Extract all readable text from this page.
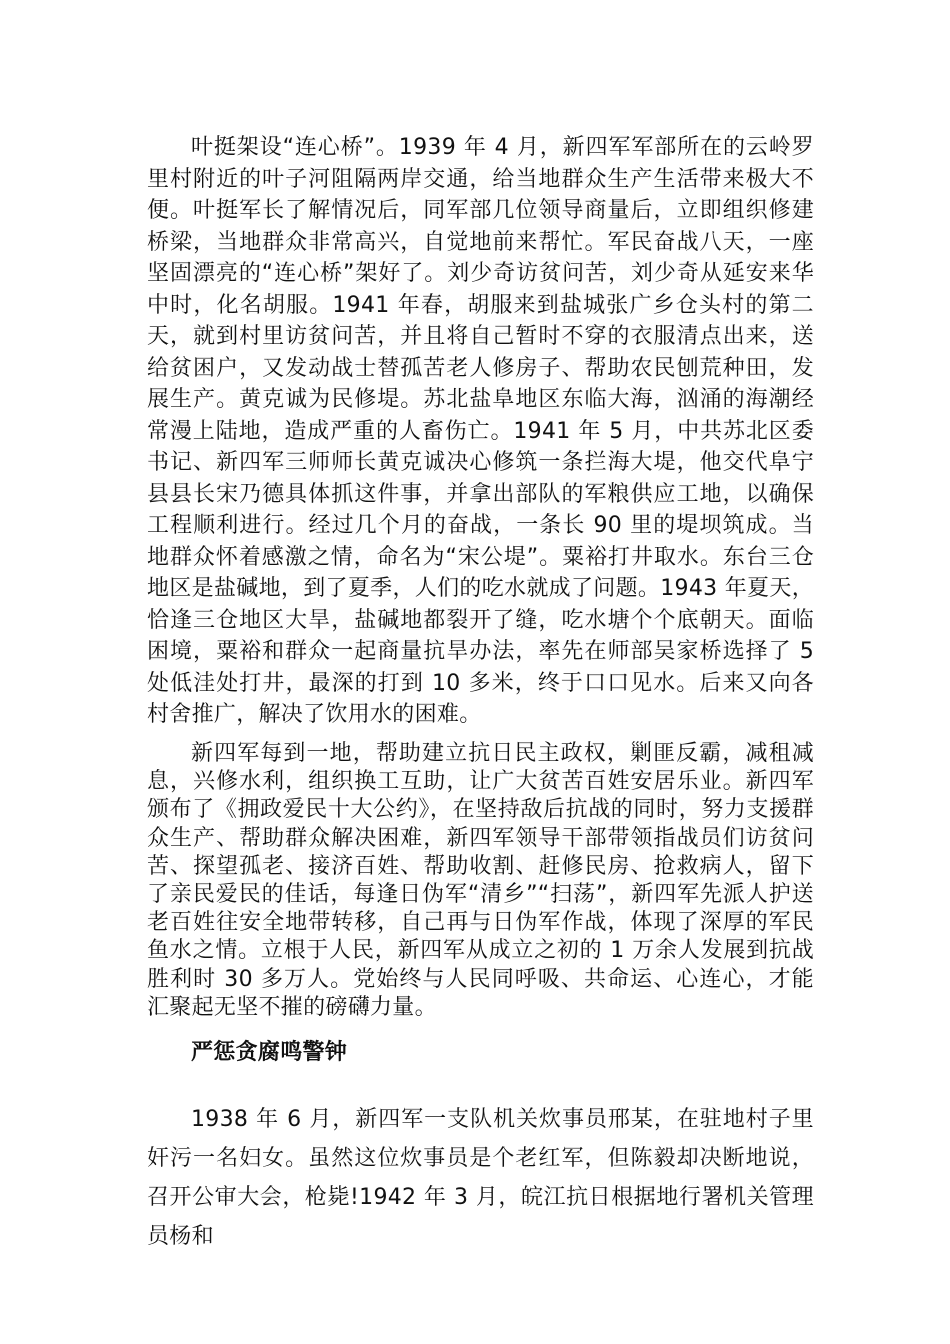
叶挺架设“连心桥”。1939 年 4 月，新四军军部所在的云岭罗里村附近的叶子河阻隔两岸交通，给当地群众生产生活带来极大不便。叶挺军长了解情况后，同军部几位领导商量后，立即组织修建桥梁，当地群众非常高兴，自觉地前来帮忙。军民奋战八天，一座坚固漂亮的“连心桥”架好了。刘少奇访贫问苦，刘少奇从延安来华中时，化名胡服。1941 年春，胡服来到盐城张广乡仓头村的第二天，就到村里访贫问苦，并且将自己暂时不穿的衣服清点出来，送给贫困户，又发动战士替孤苦老人修房子、帮助农民刨荒种田，发展生产。黄克诚为民修堤。苏北盐阜地区东临大海，汹涌的海潮经常漫上陆地，造成严重的人畜伤亡。1941 年 5 月，中共苏北区委书记、新四军三师师长黄克诚决心修筑一条拦海大堤，他交代阜宁县县长宋乃德具体抓这件事，并拿出部队的军粮供应工地，以确保工程顺利进行。经过几个月的奋战，一条长 90 里的堤坝筑成。当地群众怀着感激之情，命名为“宋公堤”。粟裕打井取水。东台三仓地区是盐碱地，到了夏季，人们的吃水就成了问题。1943 年夏天，恰逢三仓地区大旱，盐碱地都裂开了缝，吃水塘个个底朝天。面临困境，粟裕和群众一起商量抗旱办法，率先在师部吴家桥选择了 5 处低洼处打井，最深的打到 10 多米，终于口口见水。后来又向各村舍推广，解决了饮用水的困难。

新四军每到一地，帮助建立抗日民主政权，剿匪反霸，减租减息，兴修水利，组织换工互助，让广大贫苦百姓安居乐业。新四军颁布了《拥政爱民十大公约》，在坚持敌后抗战的同时，努力支援群众生产、帮助群众解决困难，新四军领导干部带领指战员们访贫问苦、探望孤老、接济百姓、帮助收割、赶修民房、抢救病人，留下了亲民爱民的佳话，每逢日伪军“清乡”“扫荡”，新四军先派人护送老百姓往安全地带转移，自己再与日伪军作战，体现了深厚的军民鱼水之情。立根于人民，新四军从成立之初的 1 万余人发展到抗战胜利时 30 多万人。党始终与人民同呼吸、共命运、心连心，才能汇聚起无坚不摧的磅礴力量。

严惩贪腐鸣警钟

1938 年 6 月，新四军一支队机关炊事员邢某，在驻地村子里奸污一名妇女。虽然这位炊事员是个老红军，但陈毅却决断地说，召开公审大会，枪毙!1942 年 3 月，皖江抗日根据地行署机关管理员杨和
